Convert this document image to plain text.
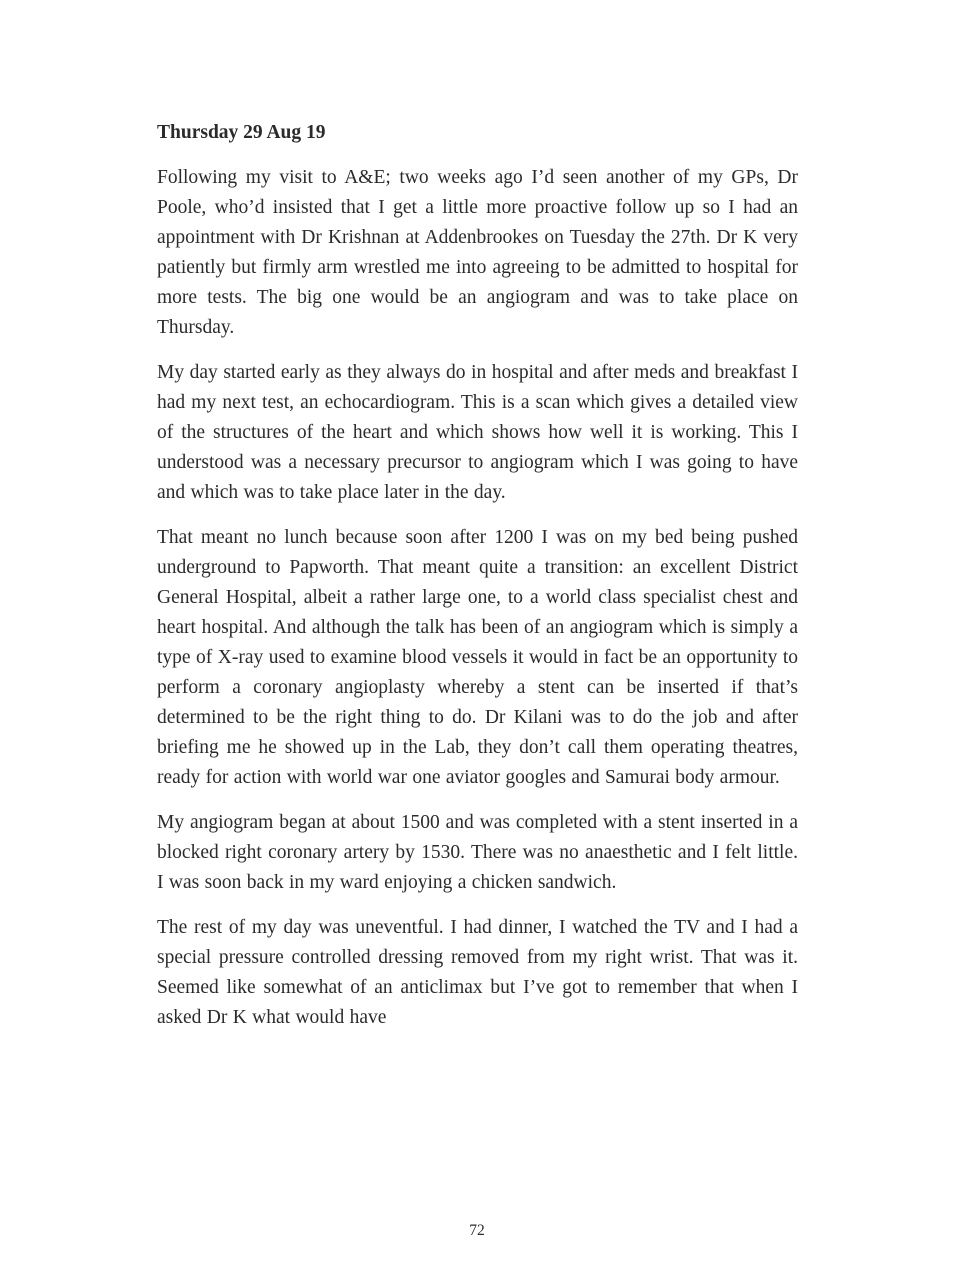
Thursday 29 Aug 19

Following my visit to A&E; two weeks ago I’d seen another of my GPs, Dr Poole, who’d insisted that I get a little more proactive follow up so I had an appointment with Dr Krishnan at Addenbrookes on Tuesday the 27th. Dr K very patiently but firmly arm wrestled me into agreeing to be admitted to hospital for more tests. The big one would be an angiogram and was to take place on Thursday.

My day started early as they always do in hospital and after meds and breakfast I had my next test, an echocardiogram. This is a scan which gives a detailed view of the structures of the heart and which shows how well it is working. This I understood was a necessary precursor to angiogram which I was going to have and which was to take place later in the day.

That meant no lunch because soon after 1200 I was on my bed being pushed underground to Papworth. That meant quite a transition: an excellent District General Hospital, albeit a rather large one, to a world class specialist chest and heart hospital. And although the talk has been of an angiogram which is simply a type of X-ray used to examine blood vessels it would in fact be an opportunity to perform a coronary angioplasty whereby a stent can be inserted if that’s determined to be the right thing to do. Dr Kilani was to do the job and after briefing me he showed up in the Lab, they don’t call them operating theatres, ready for action with world war one aviator googles and Samurai body armour.

My angiogram began at about 1500 and was completed with a stent inserted in a blocked right coronary artery by 1530. There was no anaesthetic and I felt little. I was soon back in my ward enjoying a chicken sandwich.

The rest of my day was uneventful. I had dinner, I watched the TV and I had a special pressure controlled dressing removed from my right wrist. That was it. Seemed like somewhat of an anticlimax but I’ve got to remember that when I asked Dr K what would have

72
